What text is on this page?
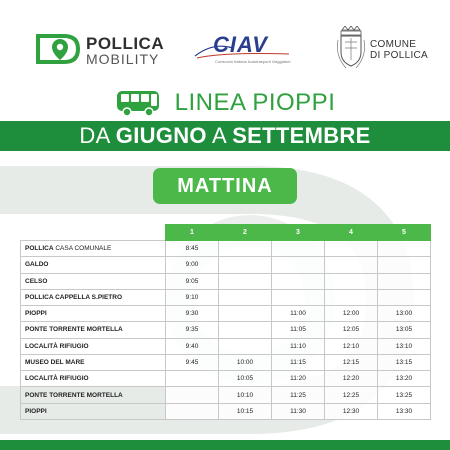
POLLICA
MOBILITY
CIAV
Consorzio Italiano Autotrasporti Viaggiatori
COMUNE
DI POLLICA
LINEA PIOPPI
DA GIUGNO A SETTEMBRE
MATTINA
	1	2	3	4	5
POLLICA CASA COMUNALE	8:45				
GALDO	9:00				
CELSO	9:05				
POLLICA CAPPELLA S.PIETRO	9:10				
PIOPPI	9:30		11:00	12:00	13:00
PONTE TORRENTE MORTELLA	9:35		11:05	12:05	13:05
LOCALITÀ RIFIUGIO	9:40		11:10	12:10	13:10
MUSEO DEL MARE	9:45	10:00	11:15	12:15	13:15
LOCALITÀ RIFIUGIO		10:05	11:20	12:20	13:20
PONTE TORRENTE MORTELLA		10:10	11:25	12:25	13:25
PIOPPI		10:15	11:30	12:30	13:30
